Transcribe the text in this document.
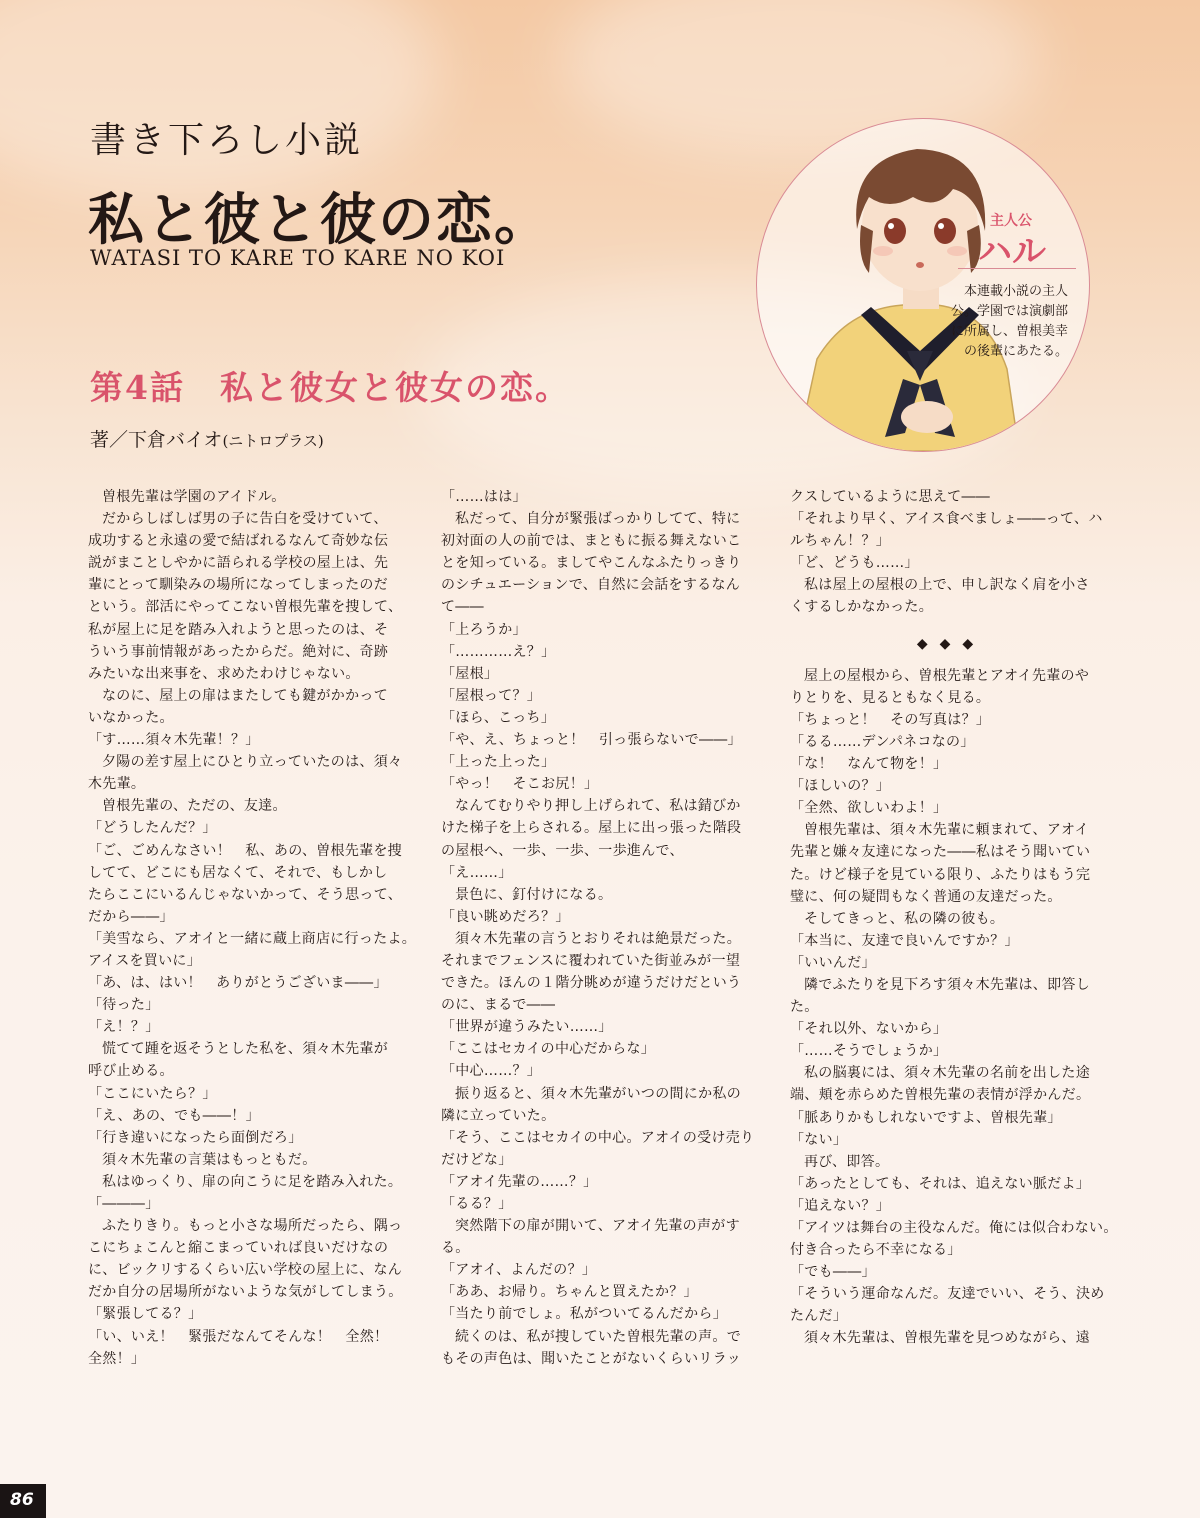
書き下ろし小説
私と彼と彼の恋。
WATASI TO KARE TO KARE NO KOI
第4話　私と彼女と彼女の恋。
著／下倉バイオ(ニトロプラス)
主人公
ハル
本連載小説の主人
公。学園では演劇部
に所属し、曽根美幸
の後輩にあたる。

曽根先輩は学園のアイドル。

だからしばしば男の子に告白を受けていて、

成功すると永遠の愛で結ばれるなんて奇妙な伝

説がまことしやかに語られる学校の屋上は、先

輩にとって馴染みの場所になってしまったのだ

という。部活にやってこない曽根先輩を捜して、

私が屋上に足を踏み入れようと思ったのは、そ

ういう事前情報があったからだ。絶対に、奇跡

みたいな出来事を、求めたわけじゃない。

なのに、屋上の扉はまたしても鍵がかかって

いなかった。

「す……須々木先輩！？」

夕陽の差す屋上にひとり立っていたのは、須々

木先輩。

曽根先輩の、ただの、友達。

「どうしたんだ？」

「ご、ごめんなさい！　私、あの、曽根先輩を捜

してて、どこにも居なくて、それで、もしかし

たらここにいるんじゃないかって、そう思って、

だから――」

「美雪なら、アオイと一緒に蔵上商店に行ったよ。

アイスを買いに」

「あ、は、はい！　ありがとうございま――」

「待った」

「え！？」

慌てて踵を返そうとした私を、須々木先輩が

呼び止める。

「ここにいたら？」

「え、あの、でも――！」

「行き違いになったら面倒だろ」

須々木先輩の言葉はもっともだ。

私はゆっくり、扉の向こうに足を踏み入れた。

「―――」

ふたりきり。もっと小さな場所だったら、隅っ

こにちょこんと縮こまっていれば良いだけなの

に、ビックリするくらい広い学校の屋上に、なん

だか自分の居場所がないような気がしてしまう。

「緊張してる？」

「い、いえ！　緊張だなんてそんな！　全然！

全然！」

「……はは」

私だって、自分が緊張ばっかりしてて、特に

初対面の人の前では、まともに振る舞えないこ

とを知っている。ましてやこんなふたりっきり

のシチュエーションで、自然に会話をするなん

て――

「上ろうか」

「…………え？」

「屋根」

「屋根って？」

「ほら、こっち」

「や、え、ちょっと！　引っ張らないで――」

「上った上った」

「やっ！　そこお尻！」

なんてむりやり押し上げられて、私は錆びか

けた梯子を上らされる。屋上に出っ張った階段

の屋根へ、一歩、一歩、一歩進んで、

「え……」

景色に、釘付けになる。

「良い眺めだろ？」

須々木先輩の言うとおりそれは絶景だった。

それまでフェンスに覆われていた街並みが一望

できた。ほんの１階分眺めが違うだけだという

のに、まるで――

「世界が違うみたい……」

「ここはセカイの中心だからな」

「中心……？」

振り返ると、須々木先輩がいつの間にか私の

隣に立っていた。

「そう、ここはセカイの中心。アオイの受け売り

だけどな」

「アオイ先輩の……？」

「るる？」

突然階下の扉が開いて、アオイ先輩の声がす

る。

「アオイ、よんだの？」

「ああ、お帰り。ちゃんと買えたか？」

「当たり前でしょ。私がついてるんだから」

続くのは、私が捜していた曽根先輩の声。で

もその声色は、聞いたことがないくらいリラッ

クスしているように思えて――

「それより早く、アイス食べましょ――って、ハ

ルちゃん！？」

「ど、どうも……」

私は屋上の屋根の上で、申し訳なく肩を小さ

くするしかなかった。

◆◆◆

屋上の屋根から、曽根先輩とアオイ先輩のや

りとりを、見るともなく見る。

「ちょっと！　その写真は？」

「るる……デンパネコなの」

「な！　なんて物を！」

「ほしいの？」

「全然、欲しいわよ！」

曽根先輩は、須々木先輩に頼まれて、アオイ

先輩と嫌々友達になった――私はそう聞いてい

た。けど様子を見ている限り、ふたりはもう完

璧に、何の疑問もなく普通の友達だった。

そしてきっと、私の隣の彼も。

「本当に、友達で良いんですか？」

「いいんだ」

隣でふたりを見下ろす須々木先輩は、即答し

た。

「それ以外、ないから」

「……そうでしょうか」

私の脳裏には、須々木先輩の名前を出した途

端、頬を赤らめた曽根先輩の表情が浮かんだ。

「脈ありかもしれないですよ、曽根先輩」

「ない」

再び、即答。

「あったとしても、それは、追えない脈だよ」

「追えない？」

「アイツは舞台の主役なんだ。俺には似合わない。

付き合ったら不幸になる」

「でも――」

「そういう運命なんだ。友達でいい、そう、決め

たんだ」

須々木先輩は、曽根先輩を見つめながら、遠

86
